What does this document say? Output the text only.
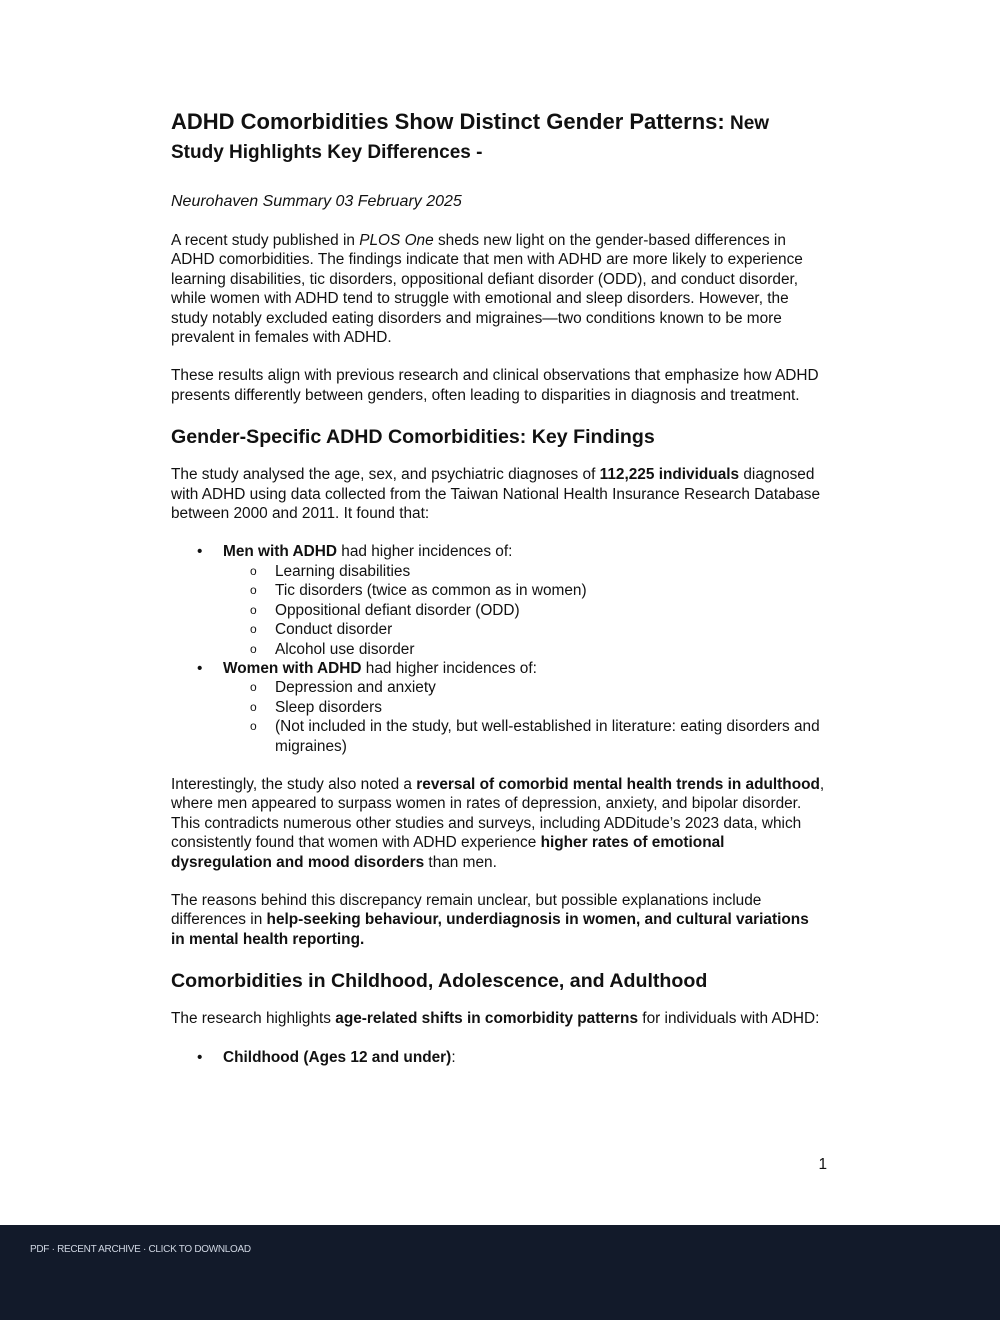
ADHD Comorbidities Show Distinct Gender Patterns: New
Study Highlights Key Differences -
Neurohaven Summary 03 February 2025

A recent study published in PLOS One sheds new light on the gender-based differences in ADHD comorbidities. The findings indicate that men with ADHD are more likely to experience learning disabilities, tic disorders, oppositional defiant disorder (ODD), and conduct disorder, while women with ADHD tend to struggle with emotional and sleep disorders. However, the study notably excluded eating disorders and migraines—two conditions known to be more prevalent in females with ADHD.

These results align with previous research and clinical observations that emphasize how ADHD presents differently between genders, often leading to disparities in diagnosis and treatment.

Gender-Specific ADHD Comorbidities: Key Findings

The study analysed the age, sex, and psychiatric diagnoses of 112,225 individuals diagnosed with ADHD using data collected from the Taiwan National Health Insurance Research Database between 2000 and 2011. It found that:

• Men with ADHD had higher incidences of:
o Learning disabilities
o Tic disorders (twice as common as in women)
o Oppositional defiant disorder (ODD)
o Conduct disorder
o Alcohol use disorder
• Women with ADHD had higher incidences of:
o Depression and anxiety
o Sleep disorders
o (Not included in the study, but well-established in literature: eating disorders and migraines)

Interestingly, the study also noted a reversal of comorbid mental health trends in adulthood, where men appeared to surpass women in rates of depression, anxiety, and bipolar disorder. This contradicts numerous other studies and surveys, including ADDitude’s 2023 data, which consistently found that women with ADHD experience higher rates of emotional dysregulation and mood disorders than men.

The reasons behind this discrepancy remain unclear, but possible explanations include differences in help-seeking behaviour, underdiagnosis in women, and cultural variations in mental health reporting.

Comorbidities in Childhood, Adolescence, and Adulthood

The research highlights age-related shifts in comorbidity patterns for individuals with ADHD:

• Childhood (Ages 12 and under):
1
PDF · RECENT ARCHIVE · CLICK TO DOWNLOAD
